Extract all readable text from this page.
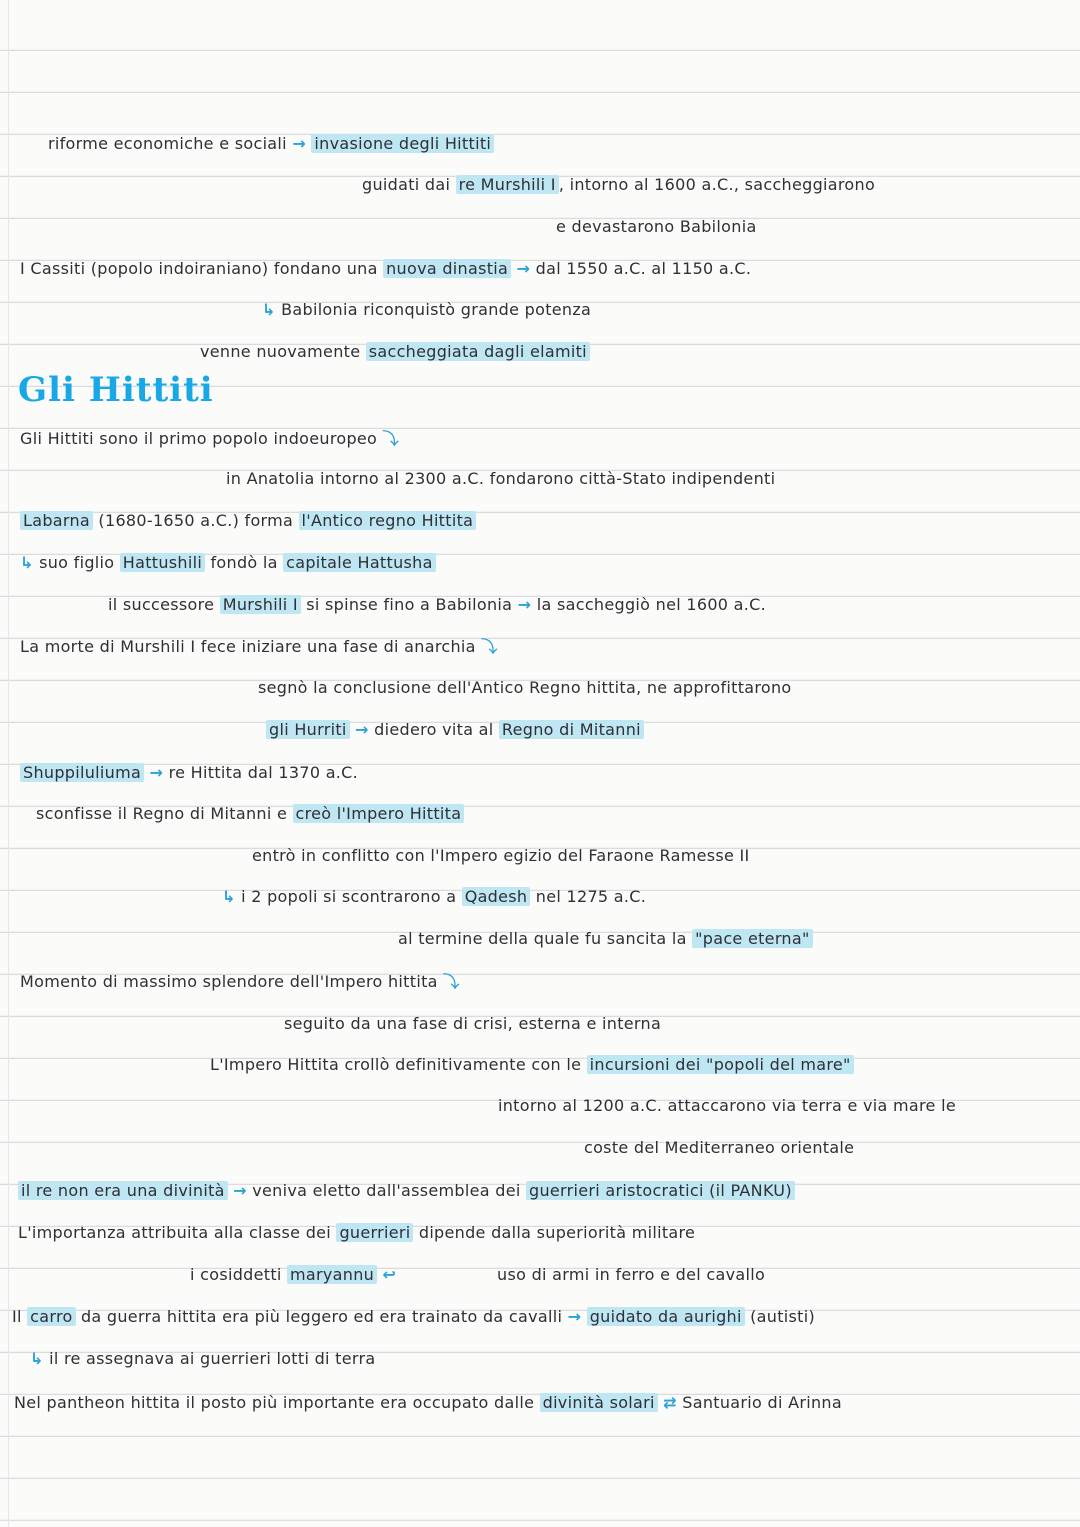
riforme economiche e sociali → invasione degli Hittiti
guidati dai re Murshili I , intorno al 1600 a.C., saccheggiarono
e devastarono Babilonia
I Cassiti (popolo indoiraniano) fondano una nuova dinastia → dal 1550 a.C. al 1150 a.C.
↳ Babilonia riconquistò grande potenza
venne nuovamente saccheggiata dagli elamiti
Gli Hittiti
Gli Hittiti sono il primo popolo indoeuropeo ⤵
in Anatolia intorno al 2300 a.C. fondarono città-Stato indipendenti
Labarna (1680-1650 a.C.) forma l'Antico regno Hittita
↳ suo figlio Hattushili fondò la capitale Hattusha
il successore Murshili I si spinse fino a Babilonia → la saccheggiò nel 1600 a.C.
La morte di Murshili I fece iniziare una fase di anarchia ⤵
segnò la conclusione dell'Antico Regno hittita, ne approfittarono
gli Hurriti → diedero vita al Regno di Mitanni
Shuppiluliuma → re Hittita dal 1370 a.C.
sconfisse il Regno di Mitanni e creò l'Impero Hittita
entrò in conflitto con l'Impero egizio del Faraone Ramesse II
↳ i 2 popoli si scontrarono a Qadesh nel 1275 a.C.
al termine della quale fu sancita la "pace eterna"
Momento di massimo splendore dell'Impero hittita ⤵
seguito da una fase di crisi, esterna e interna
L'Impero Hittita crollò definitivamente con le incursioni dei "popoli del mare"
intorno al 1200 a.C. attaccarono via terra e via mare le
coste del Mediterraneo orientale
il re non era una divinità → veniva eletto dall'assemblea dei guerrieri aristocratici (il PANKU)
L'importanza attribuita alla classe dei guerrieri dipende dalla superiorità militare
i cosiddetti maryannu ↩	uso di armi in ferro e del cavallo
Il carro da guerra hittita era più leggero ed era trainato da cavalli → guidato da aurighi (autisti)
↳ il re assegnava ai guerrieri lotti di terra
Nel pantheon hittita il posto più importante era occupato dalle divinità solari ⇄ Santuario di Arinna
